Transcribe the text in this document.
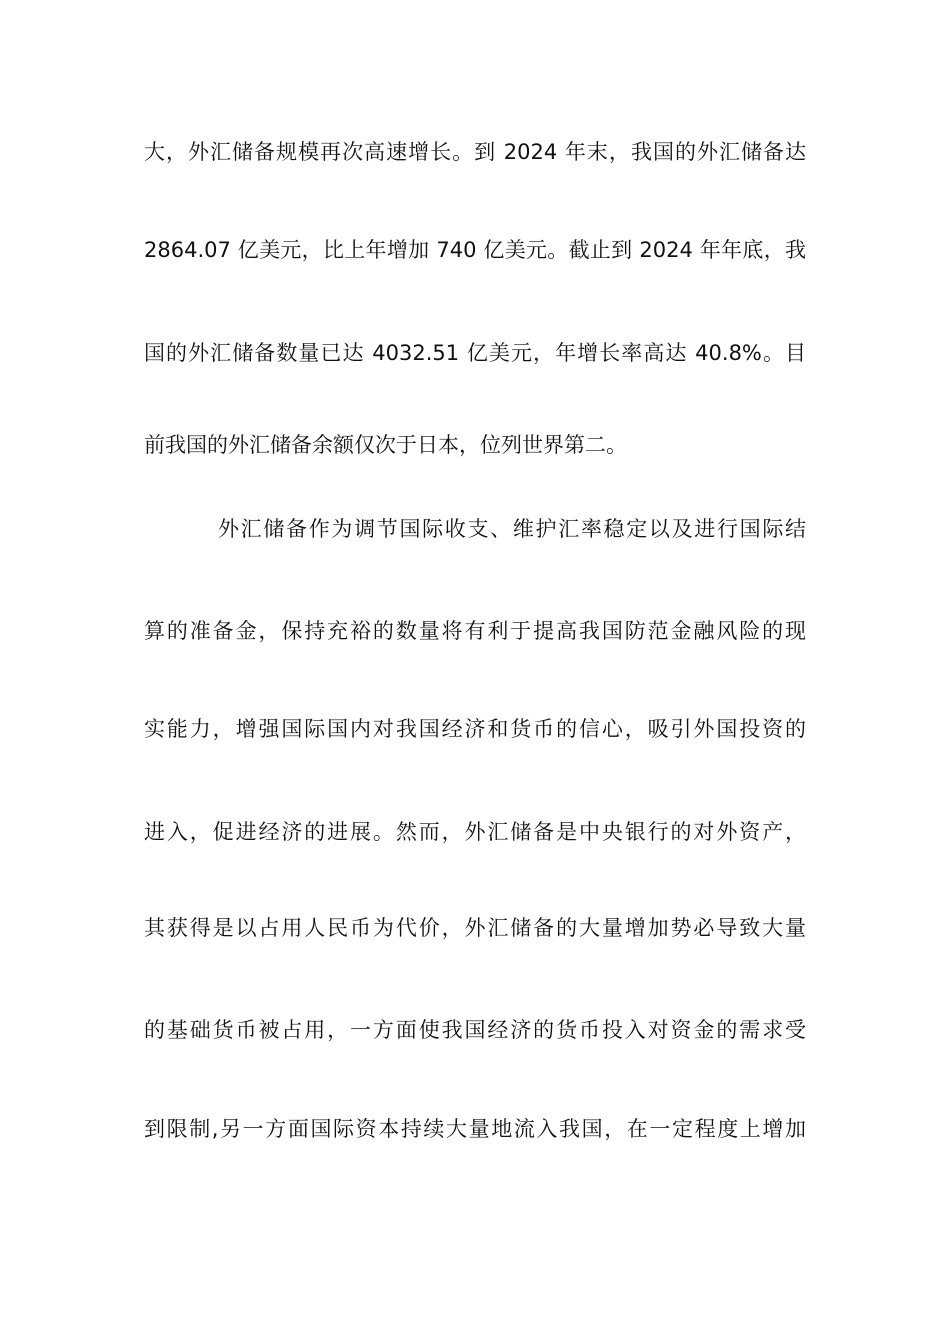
大，外汇储备规模再次高速增长。到 2024 年末，我国的外汇储备达
2864.07 亿美元，比上年增加 740 亿美元。截止到 2024 年年底，我
国的外汇储备数量已达 4032.51 亿美元，年增长率高达 40.8%。目
前我国的外汇储备余额仅次于日本，位列世界第二。
外汇储备作为调节国际收支、维护汇率稳定以及进行国际结
算的准备金，保持充裕的数量将有利于提高我国防范金融风险的现
实能力，增强国际国内对我国经济和货币的信心，吸引外国投资的
进入，促进经济的进展。然而，外汇储备是中央银行的对外资产，
其获得是以占用人民币为代价，外汇储备的大量增加势必导致大量
的基础货币被占用，一方面使我国经济的货币投入对资金的需求受
到限制,另一方面国际资本持续大量地流入我国，在一定程度上增加
